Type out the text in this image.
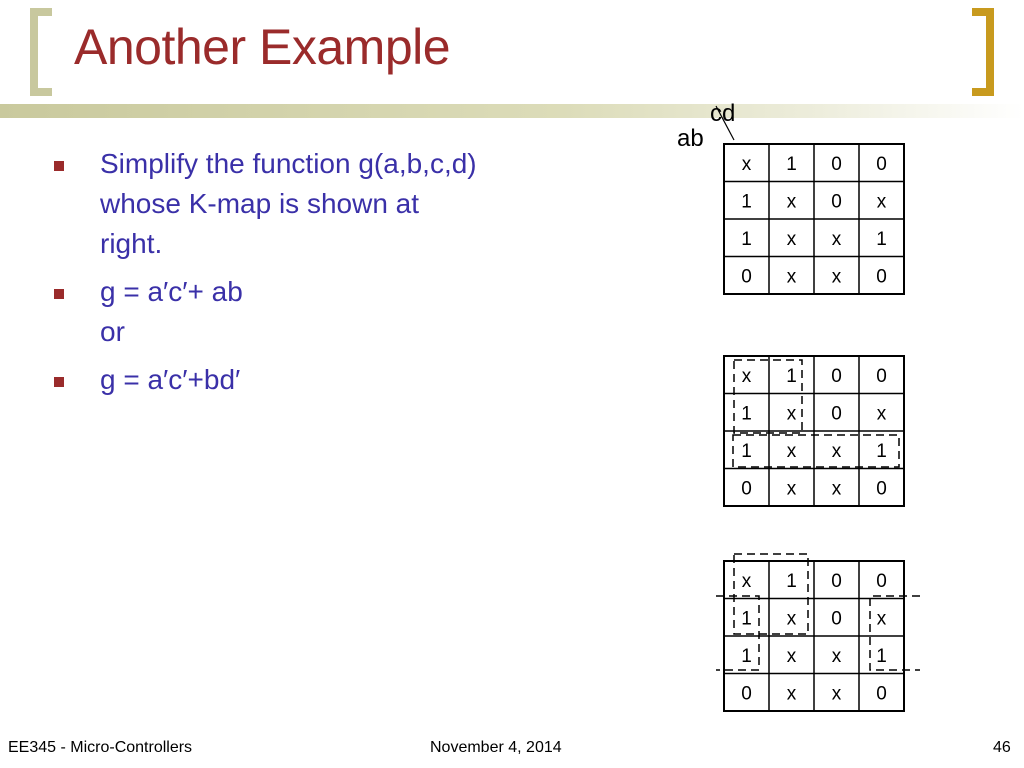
Another Example
Simplify the function g(a,b,c,d)
whose K-map is shown at
right.
g = a′c′+ ab
or
g = a′c′+bd′
cd
ab
x 1 0 0
1 x 0 x
1 x x 1
0 x x 0
x 1 0 0
1 x 0 x
1 x x 1
0 x x 0
x 1 0 0
1 x 0 x
1 x x 1
0 x x 0
EE345 - Micro-Controllers	November 4, 2014	46
